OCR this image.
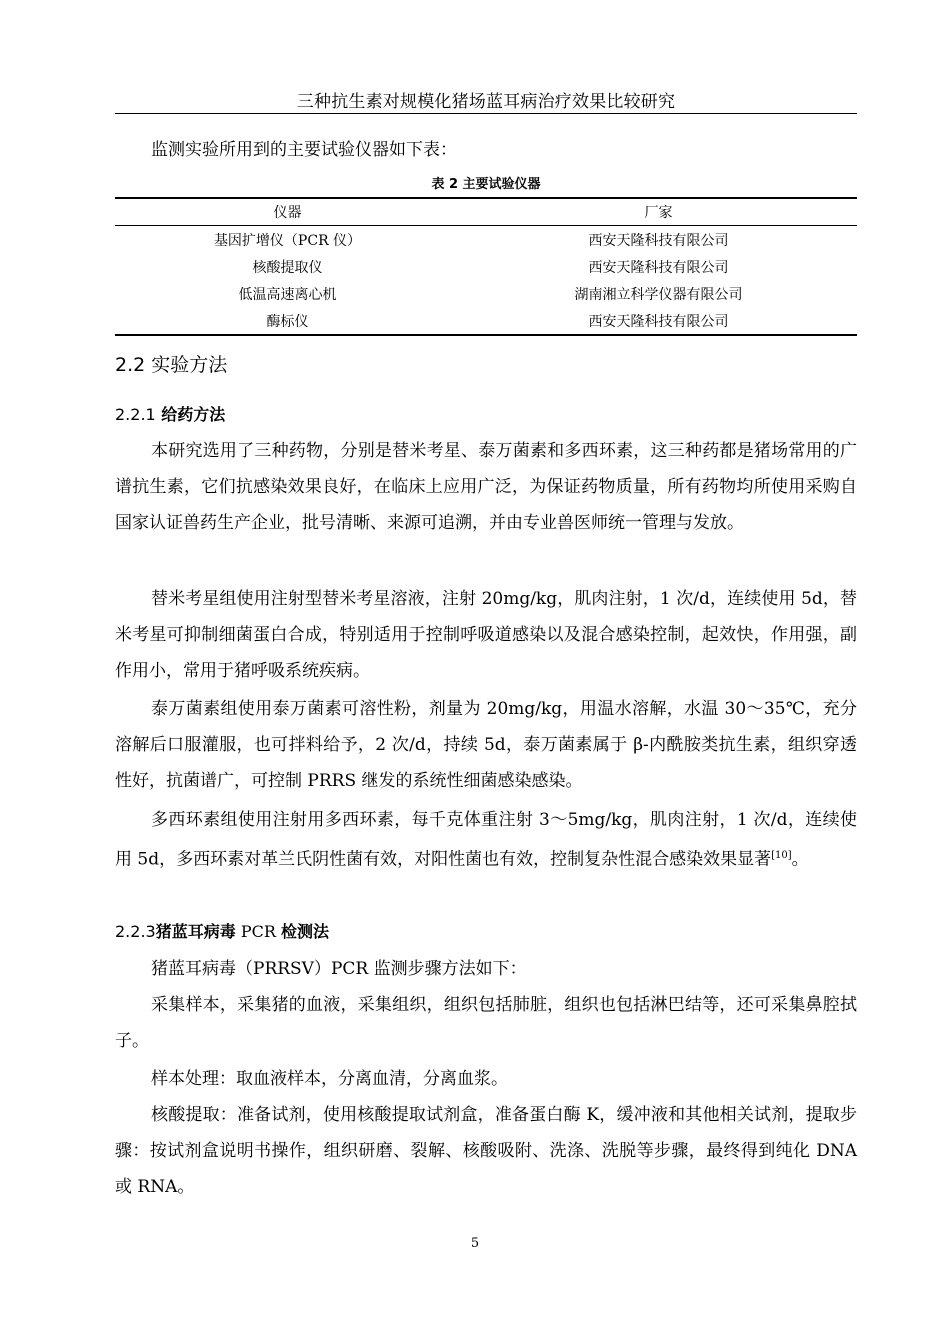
三种抗生素对规模化猪场蓝耳病治疗效果比较研究

监测实验所用到的主要试验仪器如下表：

表 2 主要试验仪器
仪器	厂家
基因扩增仪（PCR 仪）	西安天隆科技有限公司
核酸提取仪	西安天隆科技有限公司
低温高速离心机	湖南湘立科学仪器有限公司
酶标仪	西安天隆科技有限公司
2.2 实验方法
2.2.1 给药方法

本研究选用了三种药物，分别是替米考星、泰万菌素和多西环素，这三种药都是猪场常用的广谱抗生素，它们抗感染效果良好，在临床上应用广泛，为保证药物质量，所有药物均所使用采购自国家认证兽药生产企业，批号清晰、来源可追溯，并由专业兽医师统一管理与发放。

替米考星组使用注射型替米考星溶液，注射 20mg/kg，肌肉注射，1 次/d，连续使用 5d，替米考星可抑制细菌蛋白合成，特别适用于控制呼吸道感染以及混合感染控制，起效快，作用强，副作用小，常用于猪呼吸系统疾病。

泰万菌素组使用泰万菌素可溶性粉，剂量为 20mg/kg，用温水溶解，水温 30～35℃，充分溶解后口服灌服，也可拌料给予，2 次/d，持续 5d，泰万菌素属于 β-内酰胺类抗生素，组织穿透性好，抗菌谱广，可控制 PRRS 继发的系统性细菌感染感染。

多西环素组使用注射用多西环素，每千克体重注射 3～5mg/kg，肌肉注射，1 次/d，连续使用 5d，多西环素对革兰氏阴性菌有效，对阳性菌也有效，控制复杂性混合感染效果显著[10]。

2.2.3猪蓝耳病毒 PCR 检测法

猪蓝耳病毒（PRRSV）PCR 监测步骤方法如下：

采集样本，采集猪的血液，采集组织，组织包括肺脏，组织也包括淋巴结等，还可采集鼻腔拭子。

样本处理：取血液样本，分离血清，分离血浆。

核酸提取：准备试剂，使用核酸提取试剂盒，准备蛋白酶 K，缓冲液和其他相关试剂，提取步骤：按试剂盒说明书操作，组织研磨、裂解、核酸吸附、洗涤、洗脱等步骤，最终得到纯化 DNA 或 RNA。

5
